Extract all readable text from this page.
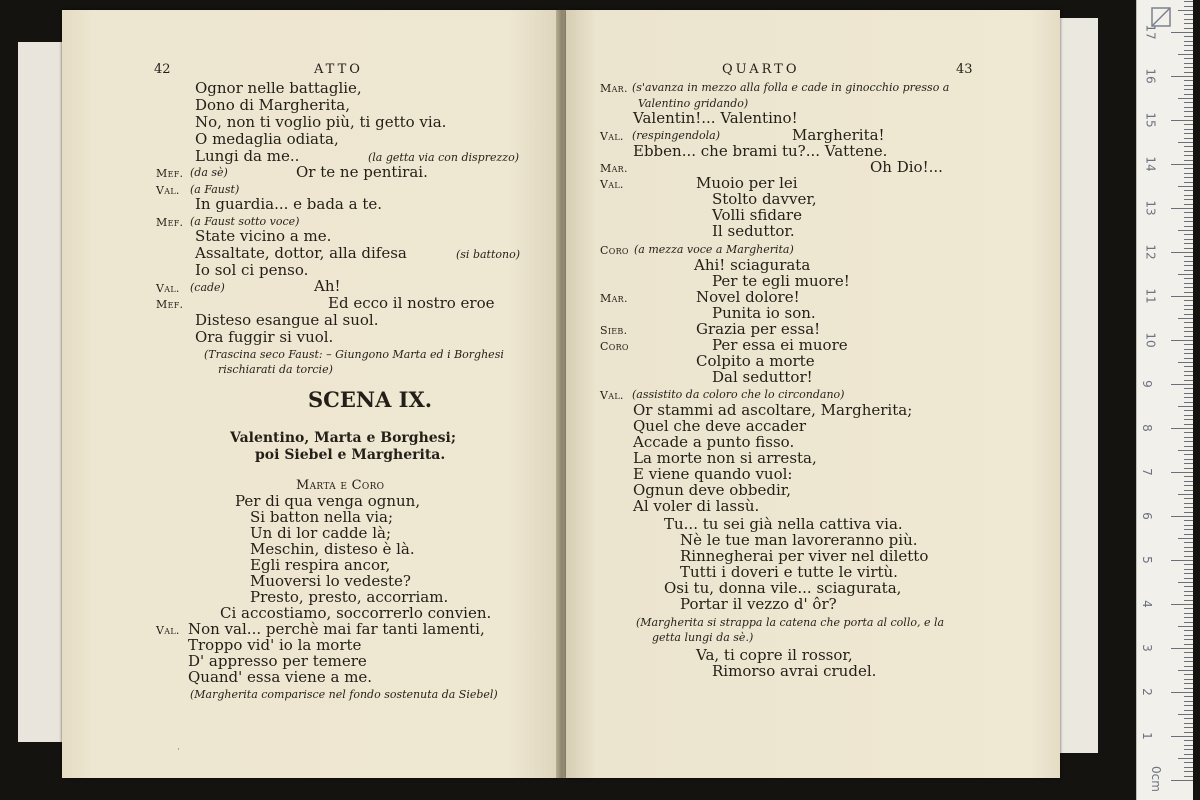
42	ATTO
Ognor nelle battaglie,
Dono di Margherita,
No, non ti voglio più, ti getto via.
O medaglia odiata,
Lungi da me..	(la getta via con disprezzo)
Mef. (da sè)	Or te ne pentirai.
Val. (a Faust)
In guardia... e bada a te.
Mef. (a Faust sotto voce)
State vicino a me.
Assaltate, dottor, alla difesa	(si battono)
Io sol ci penso.
Val. (cade)	Ah!
Mef.	Ed ecco il nostro eroe
Disteso esangue al suol.
Ora fuggir si vuol.
(Trascina seco Faust: – Giungono Marta ed i Borghesi
rischiarati da torcie)
SCENA IX.
Valentino, Marta e Borghesi;
poi Siebel e Margherita.
Marta e Coro
Per di qua venga ognun,
Si batton nella via;
Un di lor cadde là;
Meschin, disteso è là.
Egli respira ancor,
Muoversi lo vedeste?
Presto, presto, accorriam.
Ci accostiamo, soccorrerlo convien.
Val. Non val... perchè mai far tanti lamenti,
Troppo vid' io la morte
D' appresso per temere
Quand' essa viene a me.
(Margherita comparisce nel fondo sostenuta da Siebel)
QUARTO	43
Mar. (s'avanza in mezzo alla folla e cade in ginocchio presso a
Valentino gridando)
Valentin!... Valentino!
Val. (respingendola)	Margherita!
Ebben... che brami tu?... Vattene.
Mar.	Oh Dio!...
Val.	Muoio per lei
Stolto davver,
Volli sfidare
Il seduttor.
Coro (a mezza voce a Margherita)
Ahi! sciagurata
Per te egli muore!
Mar.	Novel dolore!
Punita io son.
Sieb.	Grazia per essa!
Coro	Per essa ei muore
Colpito a morte
Dal seduttor!
Val. (assistito da coloro che lo circondano)
Or stammi ad ascoltare, Margherita;
Quel che deve accader
Accade a punto fisso.
La morte non si arresta,
E viene quando vuol:
Ognun deve obbedir,
Al voler di lassù.
Tu... tu sei già nella cattiva via.
Nè le tue man lavoreranno più.
Rinnegherai per viver nel diletto
Tutti i doveri e tutte le virtù.
Osi tu, donna vile... sciagurata,
Portar il vezzo d' ôr?
(Margherita si strappa la catena che porta al collo, e la
getta lungi da sè.)
Va, ti copre il rossor,
Rimorso avrai crudel.
˙
0cm
1
2
3
4
5
6
7
8
9
10
11
12
13
14
15
16
17
